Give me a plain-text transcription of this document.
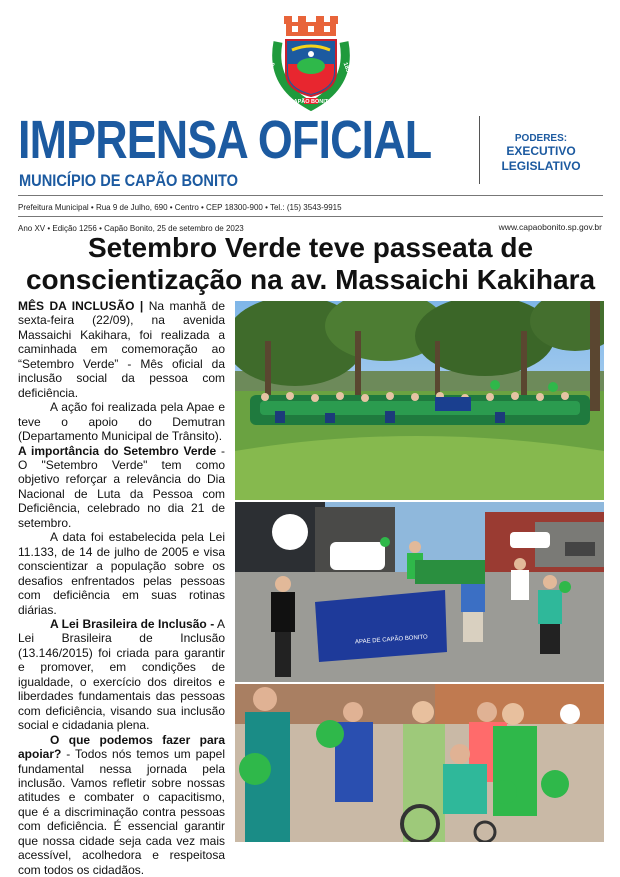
1843	1857
CAPÃO BONITO
IMPRENSA OFICIAL
MUNICÍPIO DE CAPÃO BONITO
PODERES:
EXECUTIVO
LEGISLATIVO
Prefeitura Municipal • Rua 9 de Julho, 690 • Centro • CEP 18300-900 • Tel.: (15) 3543-9915
Ano XV • Edição 1256 • Capão Bonito, 25 de setembro de 2023	www.capaobonito.sp.gov.br
Setembro Verde teve passeata de conscientização na av. Massaichi Kakihara

MÊS DA INCLUSÃO | Na manhã de sexta-feira (22/09), na avenida Massaichi Kakihara, foi realizada a caminhada em comemoração ao “Setembro Verde” - Mês oficial da inclusão social da pessoa com deficiência.

A ação foi realizada pela Apae e teve o apoio do Demutran (Departamento Municipal de Trânsito).

A importância do Setembro Verde - O "Setembro Verde" tem como objetivo reforçar a relevância do Dia Nacional de Luta da Pessoa com Deficiência, celebrado no dia 21 de setembro.

A data foi estabelecida pela Lei 11.133, de 14 de julho de 2005 e visa conscientizar a população sobre os desafios enfrentados pelas pessoas com deficiência em suas rotinas diárias.

A Lei Brasileira de Inclusão - A Lei Brasileira de Inclusão (13.146/2015) foi criada para garantir e promover, em condições de igualdade, o exercício dos direitos e liberdades fundamentais das pessoas com deficiência, visando sua inclusão social e cidadania plena.

O que podemos fazer para apoiar? - Todos nós temos um papel fundamental nessa jornada pela inclusão. Vamos refletir sobre nossas atitudes e combater o capacitismo, que é a discriminação contra pessoas com deficiência. É essencial garantir que nossa cidade seja cada vez mais acessível, acolhedora e respeitosa com todos os cidadãos.

APAE DE CAPÃO BONITO
